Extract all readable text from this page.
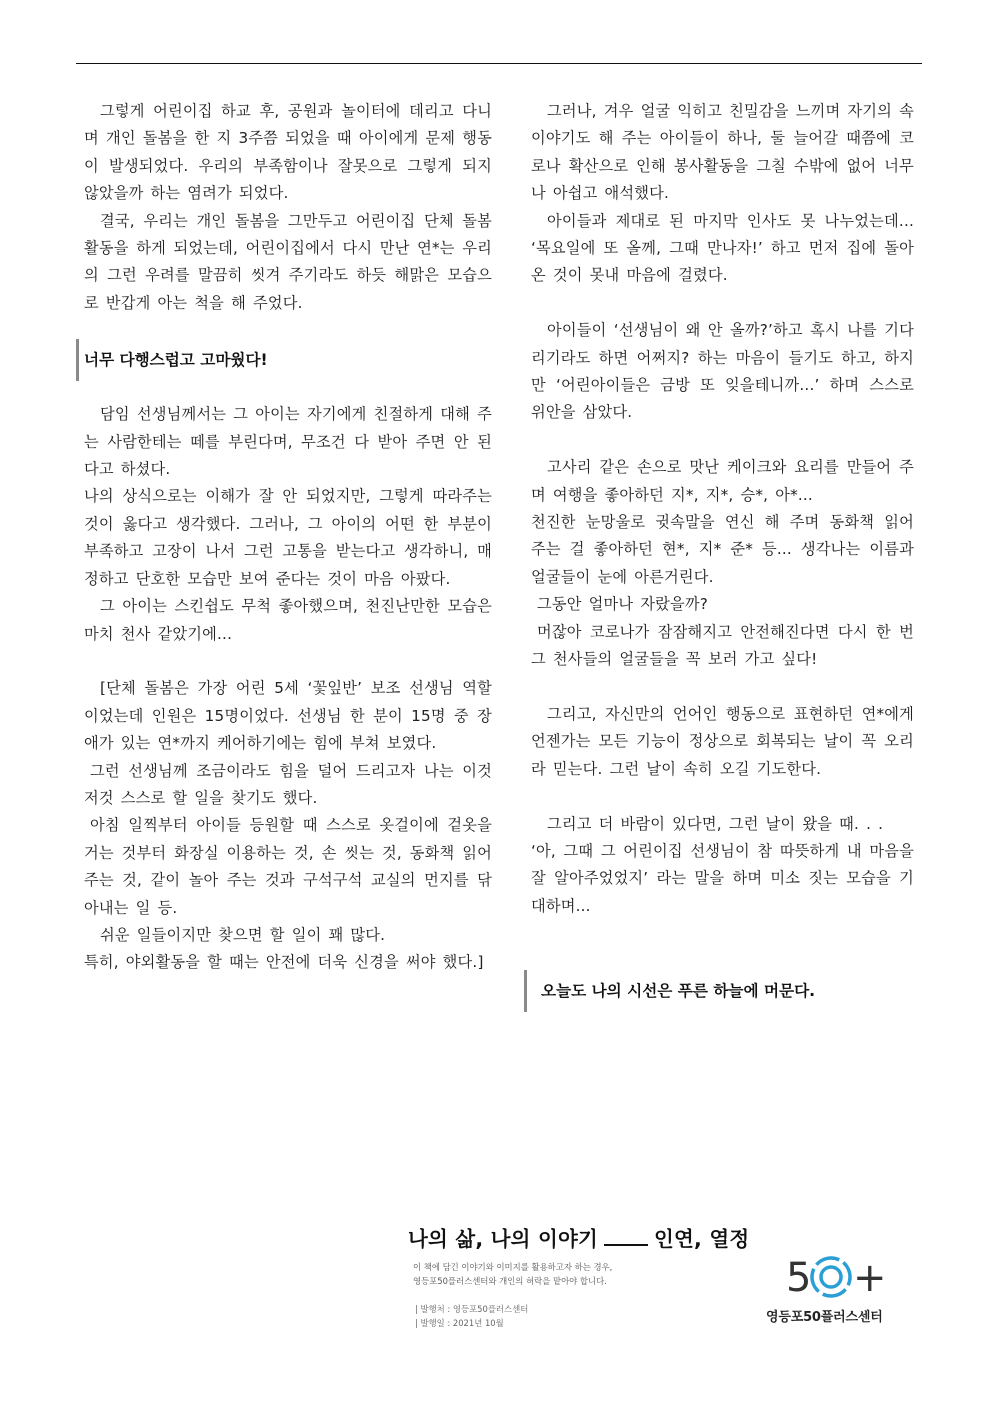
그렇게 어린이집 하교 후, 공원과 놀이터에 데리고 다니며 개인 돌봄을 한 지 3주쯤 되었을 때 아이에게 문제 행동이 발생되었다. 우리의 부족함이나 잘못으로 그렇게 되지 않았을까 하는 염려가 되었다.

결국, 우리는 개인 돌봄을 그만두고 어린이집 단체 돌봄 활동을 하게 되었는데, 어린이집에서 다시 만난 연*는 우리의 그런 우려를 말끔히 씻겨 주기라도 하듯 해맑은 모습으로 반갑게 아는 척을 해 주었다.

너무 다행스럽고 고마웠다!

담임 선생님께서는 그 아이는 자기에게 친절하게 대해 주는 사람한테는 떼를 부린다며, 무조건 다 받아 주면 안 된다고 하셨다.

나의 상식으로는 이해가 잘 안 되었지만, 그렇게 따라주는 것이 옳다고 생각했다. 그러나, 그 아이의 어떤 한 부분이 부족하고 고장이 나서 그런 고통을 받는다고 생각하니, 매정하고 단호한 모습만 보여 준다는 것이 마음 아팠다.

그 아이는 스킨쉽도 무척 좋아했으며, 천진난만한 모습은 마치 천사 같았기에...

[단체 돌봄은 가장 어린 5세 ‘꽃잎반’ 보조 선생님 역할이었는데 인원은 15명이었다. 선생님 한 분이 15명 중 장애가 있는 연*까지 케어하기에는 힘에 부쳐 보였다.

그런 선생님께 조금이라도 힘을 덜어 드리고자 나는 이것저것 스스로 할 일을 찾기도 했다.

아침 일찍부터 아이들 등원할 때 스스로 옷걸이에 겉옷을 거는 것부터 화장실 이용하는 것, 손 씻는 것, 동화책 읽어주는 것, 같이 놀아 주는 것과 구석구석 교실의 먼지를 닦아내는 일 등.

쉬운 일들이지만 찾으면 할 일이 꽤 많다.

특히, 야외활동을 할 때는 안전에 더욱 신경을 써야 했다.]

그러나, 겨우 얼굴 익히고 친밀감을 느끼며 자기의 속 이야기도 해 주는 아이들이 하나, 둘 늘어갈 때쯤에 코로나 확산으로 인해 봉사활동을 그칠 수밖에 없어 너무나 아쉽고 애석했다.

아이들과 제대로 된 마지막 인사도 못 나누었는데... ‘목요일에 또 올께, 그때 만나자!’ 하고 먼저 집에 돌아온 것이 못내 마음에 걸렸다.

아이들이 ‘선생님이 왜 안 올까?’하고 혹시 나를 기다리기라도 하면 어쩌지? 하는 마음이 들기도 하고, 하지만 ‘어린아이들은 금방 또 잊을테니까...’ 하며 스스로 위안을 삼았다.

고사리 같은 손으로 맛난 케이크와 요리를 만들어 주며 여행을 좋아하던 지*, 지*, 승*, 아*...

천진한 눈망울로 귓속말을 연신 해 주며 동화책 읽어 주는 걸 좋아하던 현*, 지* 준* 등... 생각나는 이름과 얼굴들이 눈에 아른거린다.

그동안 얼마나 자랐을까?

머잖아 코로나가 잠잠해지고 안전해진다면 다시 한 번 그 천사들의 얼굴들을 꼭 보러 가고 싶다!

그리고, 자신만의 언어인 행동으로 표현하던 연*에게 언젠가는 모든 기능이 정상으로 회복되는 날이 꼭 오리라 믿는다. 그런 날이 속히 오길 기도한다.

그리고 더 바람이 있다면, 그런 날이 왔을 때. . .

‘아, 그때 그 어린이집 선생님이 참 따뜻하게 내 마음을 잘 알아주었었지’ 라는 말을 하며 미소 짓는 모습을 기대하며...

오늘도 나의 시선은 푸른 하늘에 머문다.
나의 삶, 나의 이야기	인연, 열정
이 책에 담긴 이야기와 이미지를 활용하고자 하는 경우,
영등포50플러스센터와 개인의 허락을 맡아야 합니다.
| 발행처 : 영등포50플러스센터
| 발행일 : 2021년 10월
5 +
영등포50플러스센터
